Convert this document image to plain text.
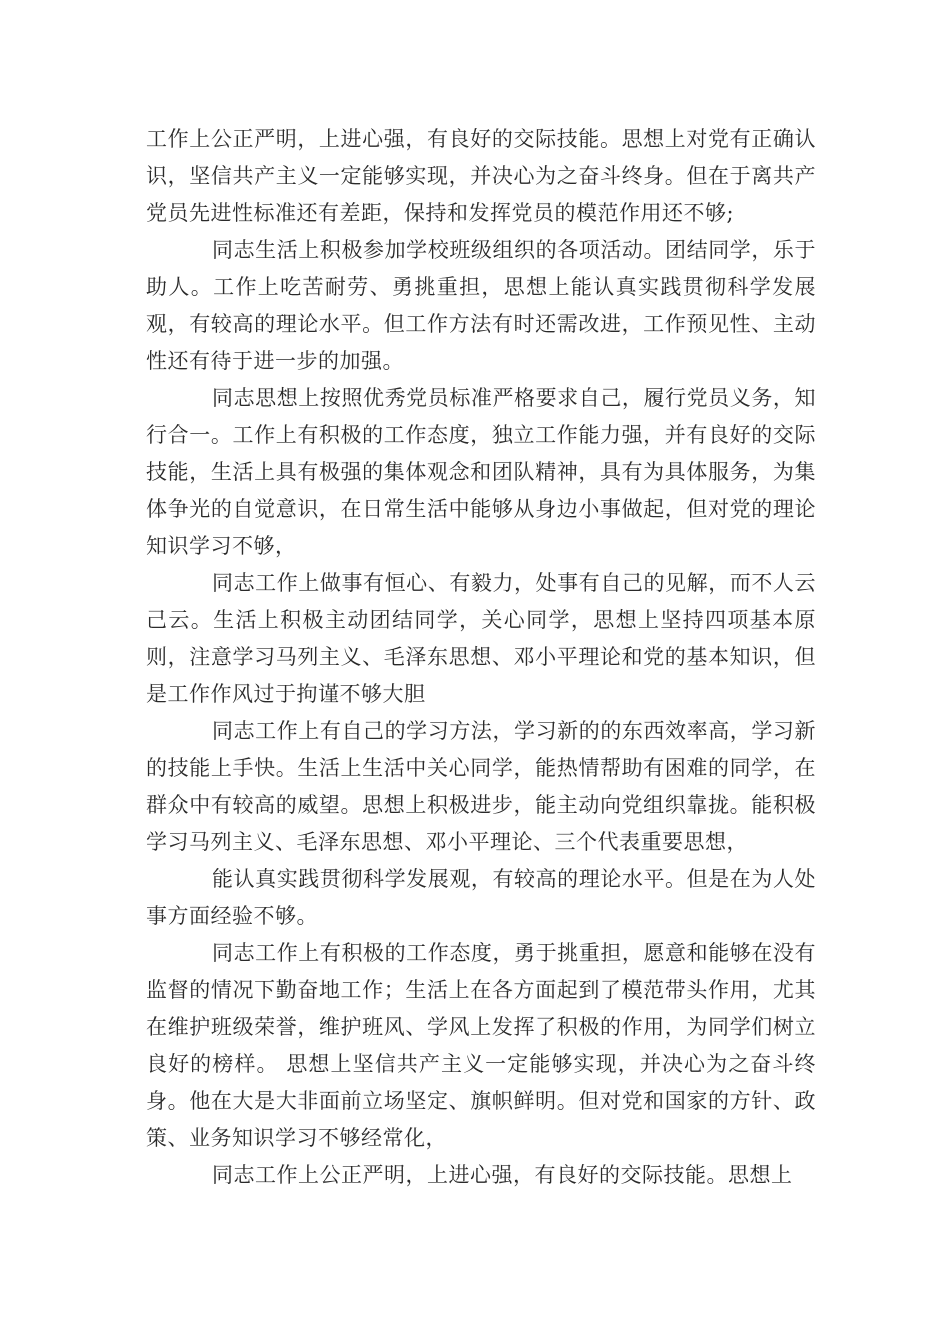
工作上公正严明，上进心强，有良好的交际技能。思想上对党有正确认识，坚信共产主义一定能够实现，并决心为之奋斗终身。但在于离共产党员先进性标准还有差距，保持和发挥党员的模范作用还不够;

同志生活上积极参加学校班级组织的各项活动。团结同学，乐于助人。工作上吃苦耐劳、勇挑重担，思想上能认真实践贯彻科学发展观，有较高的理论水平。但工作方法有时还需改进，工作预见性、主动性还有待于进一步的加强。

同志思想上按照优秀党员标准严格要求自己，履行党员义务，知行合一。工作上有积极的工作态度，独立工作能力强，并有良好的交际技能，生活上具有极强的集体观念和团队精神，具有为具体服务，为集体争光的自觉意识，在日常生活中能够从身边小事做起，但对党的理论知识学习不够，

同志工作上做事有恒心、有毅力，处事有自己的见解，而不人云己云。生活上积极主动团结同学，关心同学，思想上坚持四项基本原则，注意学习马列主义、毛泽东思想、邓小平理论和党的基本知识，但是工作作风过于拘谨不够大胆

同志工作上有自己的学习方法，学习新的的东西效率高，学习新的技能上手快。生活上生活中关心同学，能热情帮助有困难的同学，在群众中有较高的威望。思想上积极进步，能主动向党组织靠拢。能积极学习马列主义、毛泽东思想、邓小平理论、三个代表重要思想，

能认真实践贯彻科学发展观，有较高的理论水平。但是在为人处事方面经验不够。

同志工作上有积极的工作态度，勇于挑重担，愿意和能够在没有监督的情况下勤奋地工作；生活上在各方面起到了模范带头作用，尤其在维护班级荣誉，维护班风、学风上发挥了积极的作用，为同学们树立良好的榜样。 思想上坚信共产主义一定能够实现，并决心为之奋斗终身。他在大是大非面前立场坚定、旗帜鲜明。但对党和国家的方针、政策、业务知识学习不够经常化，

同志工作上公正严明，上进心强，有良好的交际技能。思想上
